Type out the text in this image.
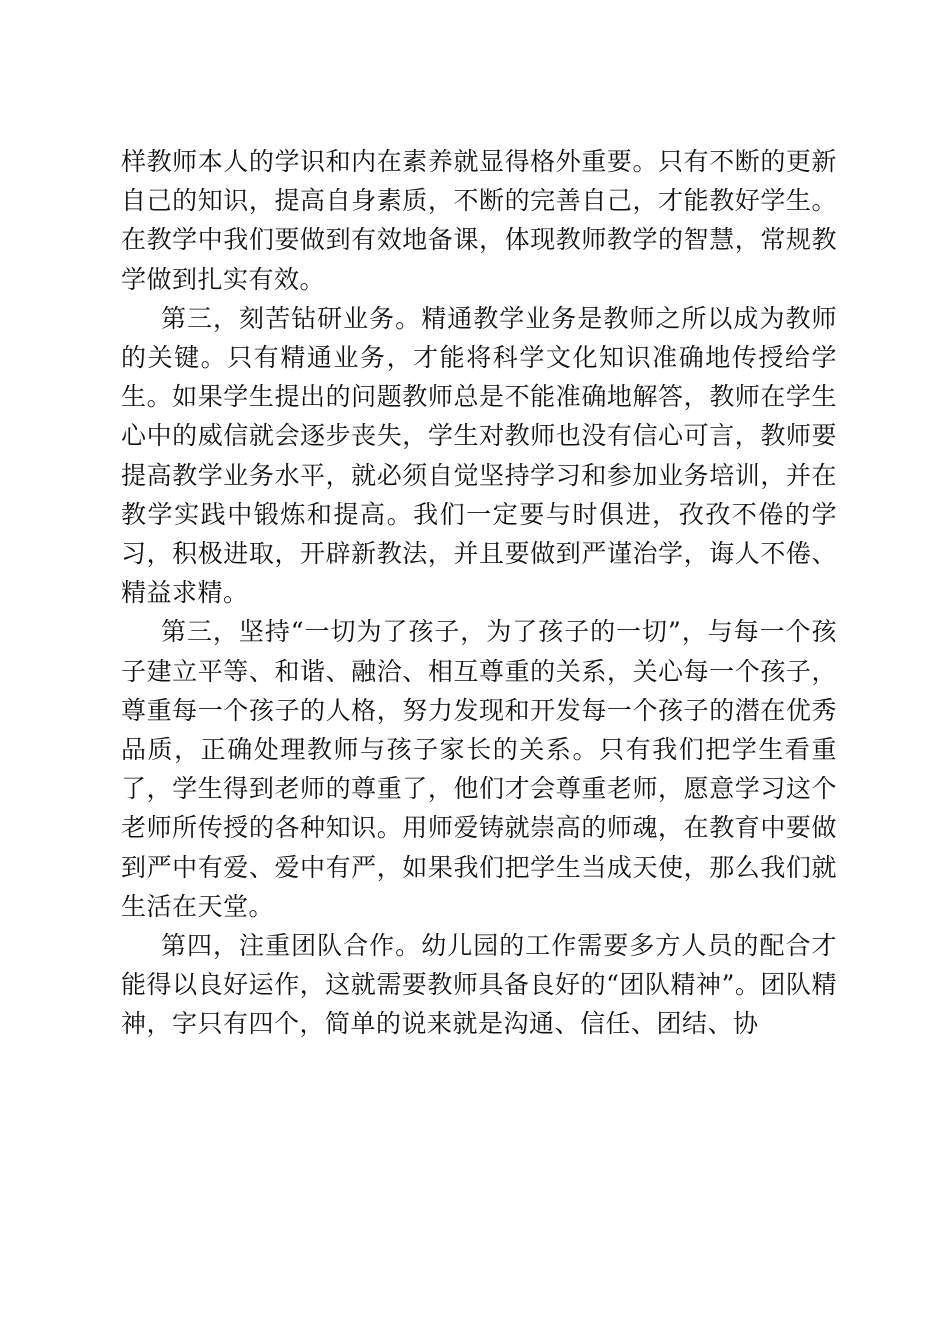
样教师本人的学识和内在素养就显得格外重要。只有不断的更新自己的知识，提高自身素质，不断的完善自己，才能教好学生。在教学中我们要做到有效地备课，体现教师教学的智慧，常规教学做到扎实有效。

第三，刻苦钻研业务。精通教学业务是教师之所以成为教师的关键。只有精通业务，才能将科学文化知识准确地传授给学生。如果学生提出的问题教师总是不能准确地解答，教师在学生心中的威信就会逐步丧失，学生对教师也没有信心可言，教师要提高教学业务水平，就必须自觉坚持学习和参加业务培训，并在教学实践中锻炼和提高。我们一定要与时俱进，孜孜不倦的学习，积极进取，开辟新教法，并且要做到严谨治学，诲人不倦、精益求精。

第三，坚持“一切为了孩子，为了孩子的一切”，与每一个孩子建立平等、和谐、融洽、相互尊重的关系，关心每一个孩子，尊重每一个孩子的人格，努力发现和开发每一个孩子的潜在优秀品质，正确处理教师与孩子家长的关系。只有我们把学生看重了，学生得到老师的尊重了，他们才会尊重老师，愿意学习这个老师所传授的各种知识。用师爱铸就崇高的师魂，在教育中要做到严中有爱、爱中有严，如果我们把学生当成天使，那么我们就生活在天堂。

第四，注重团队合作。幼儿园的工作需要多方人员的配合才能得以良好运作，这就需要教师具备良好的“团队精神”。团队精神，字只有四个，简单的说来就是沟通、信任、团结、协
